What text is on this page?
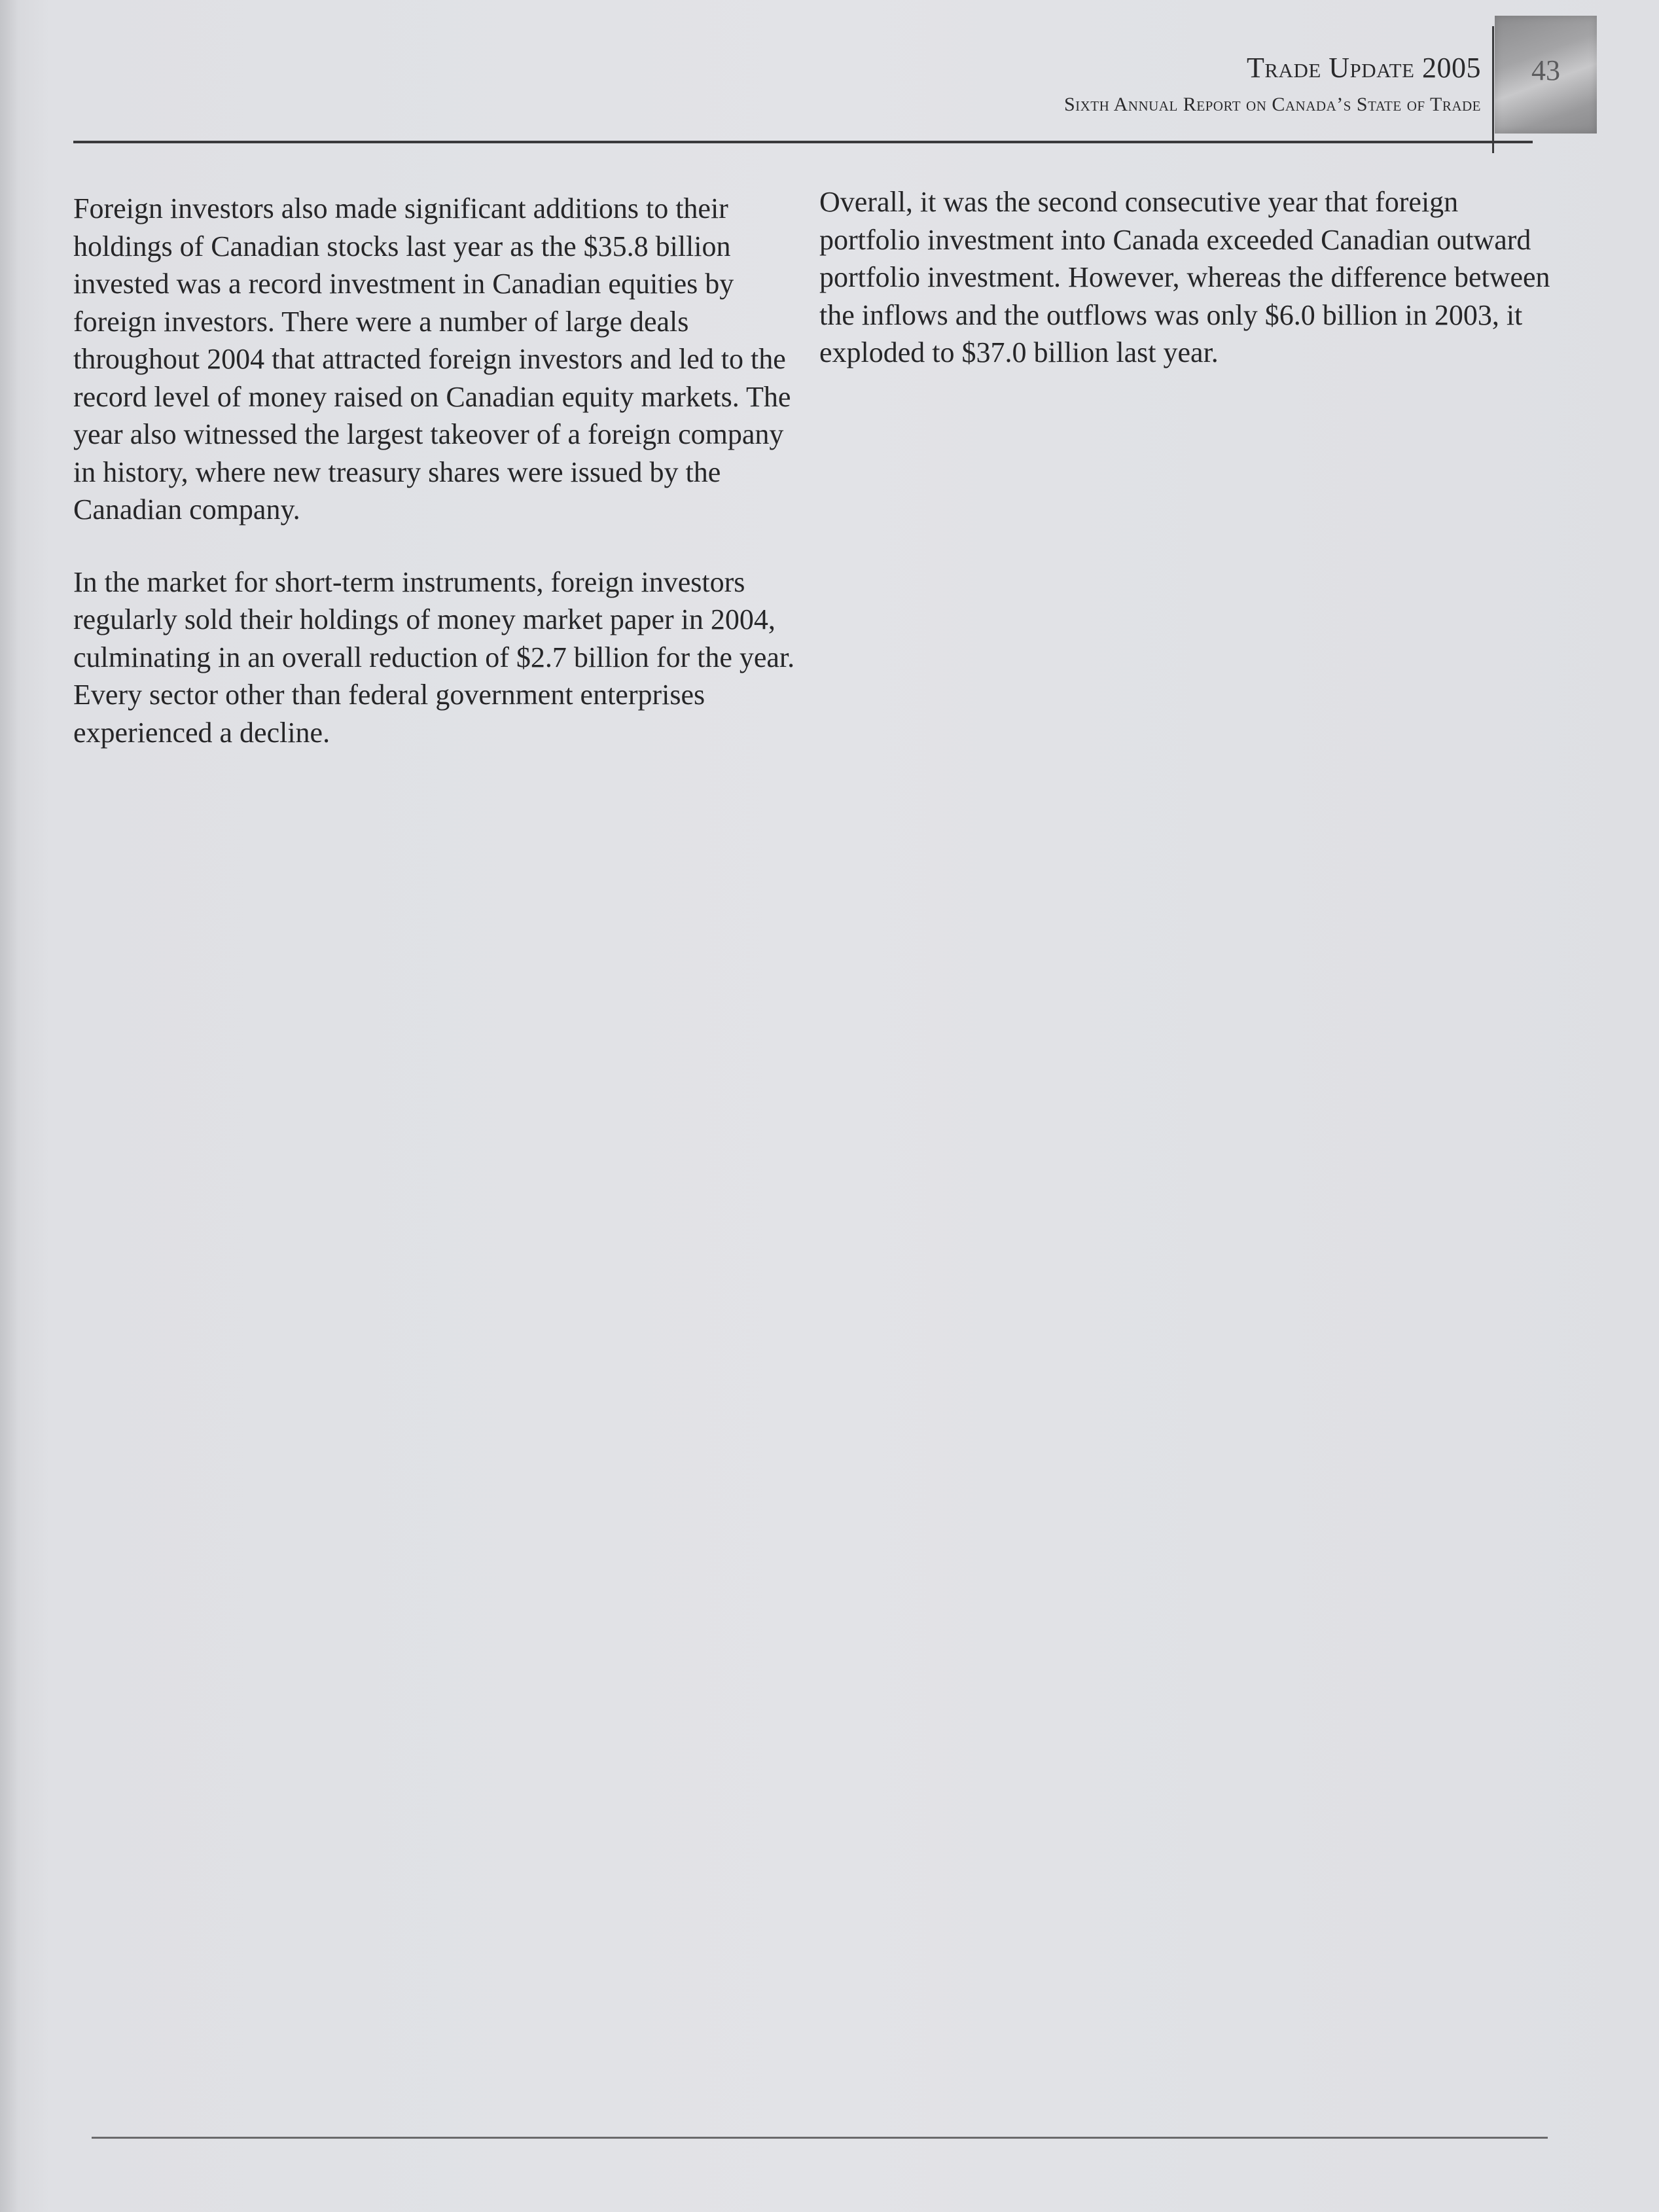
Trade Update 2005
Sixth Annual Report on Canada’s State of Trade
43

Foreign investors also made significant additions to their holdings of Canadian stocks last year as the $35.8 billion invested was a record investment in Canadian equities by foreign investors. There were a number of large deals throughout 2004 that attracted foreign investors and led to the record level of money raised on Canadian equity markets. The year also witnessed the largest takeover of a foreign company in history, where new treasury shares were issued by the Canadian company.

In the market for short-term instruments, foreign investors regularly sold their holdings of money market paper in 2004, culminating in an overall reduction of $2.7 billion for the year. Every sector other than federal government enterprises experienced a decline.

Overall, it was the second consecutive year that foreign portfolio investment into Canada exceeded Canadian outward portfolio investment. However, whereas the difference between the inflows and the outflows was only $6.0 billion in 2003, it exploded to $37.0 billion last year.
